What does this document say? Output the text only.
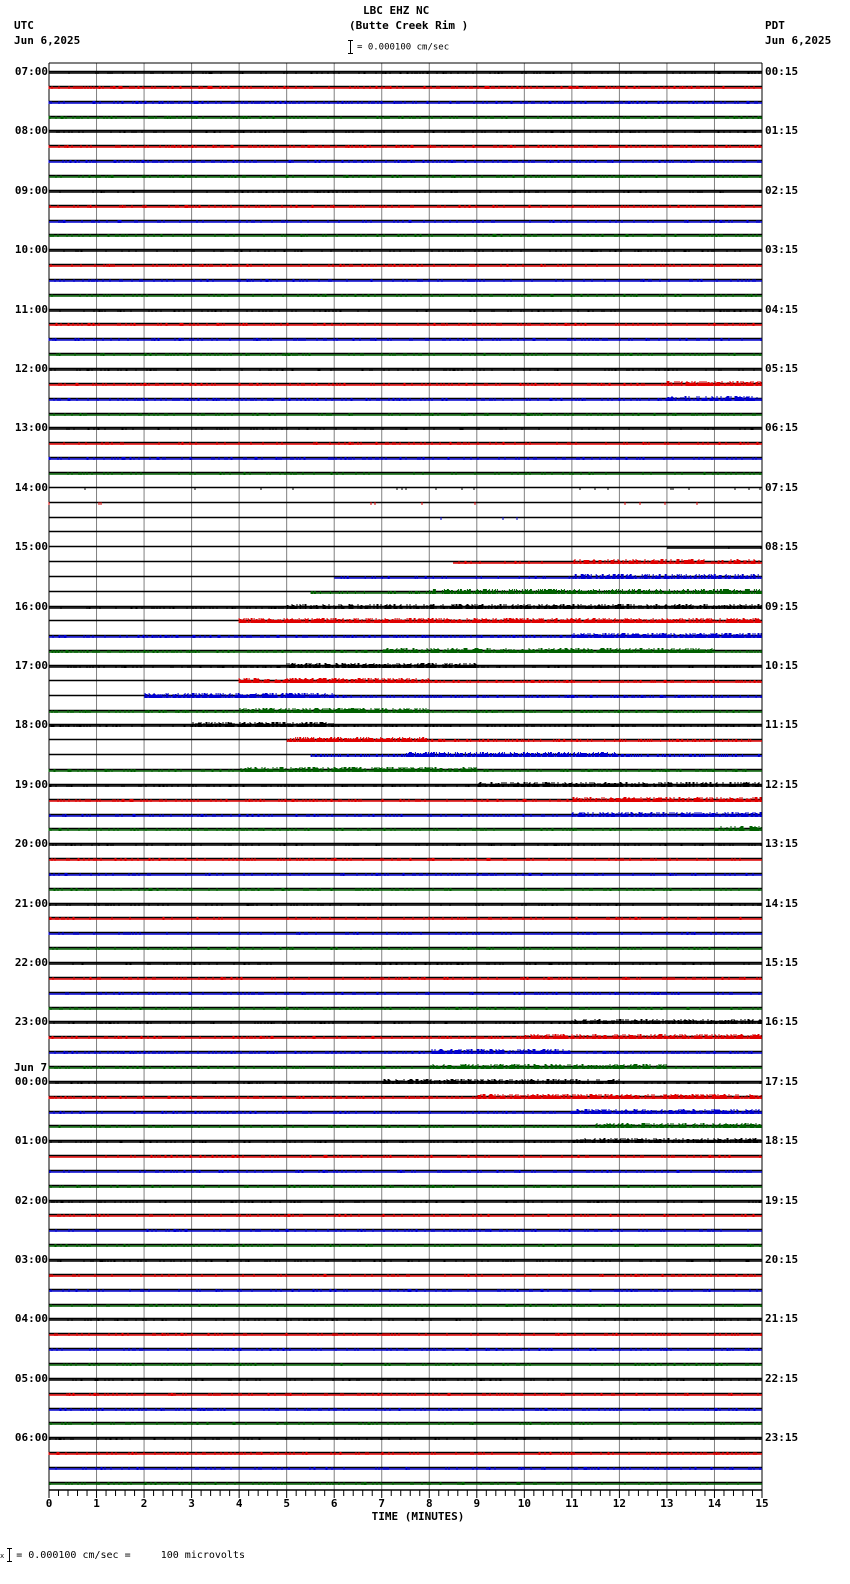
UTC
Jun 6,2025
PDT
Jun 6,2025
LBC EHZ NC
(Butte Creek Rim )
= 0.000100 cm/sec
07:00
08:00
09:00
10:00
11:00
12:00
13:00
14:00
15:00
16:00
17:00
18:00
19:00
20:00
21:00
22:00
23:00
00:00
01:00
02:00
03:00
04:00
05:00
06:00
00:15
01:15
02:15
03:15
04:15
05:15
06:15
07:15
08:15
09:15
10:15
11:15
12:15
13:15
14:15
15:15
16:15
17:15
18:15
19:15
20:15
21:15
22:15
23:15
Jun 7
0	1	2	3	4	5	6	7	8	9	10	11	12	13	14	15
TIME (MINUTES)
x = 0.000100 cm/sec =     100 microvolts
